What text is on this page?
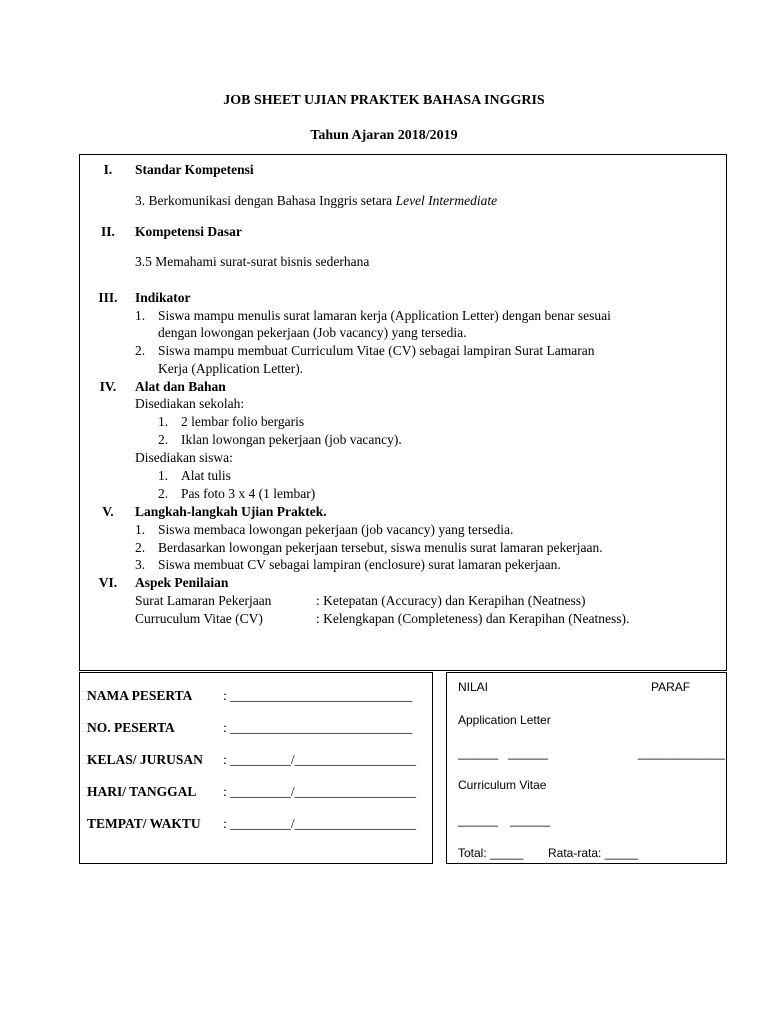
JOB SHEET UJIAN PRAKTEK BAHASA INGGRIS
Tahun Ajaran 2018/2019
I.	Standar Kompetensi
3. Berkomunikasi dengan Bahasa Inggris setara Level Intermediate
II.	Kompetensi Dasar
3.5 Memahami surat-surat bisnis sederhana
III.	Indikator
1. Siswa mampu menulis surat lamaran kerja (Application Letter) dengan benar sesuai
dengan lowongan pekerjaan (Job vacancy) yang tersedia.
2. Siswa mampu membuat Curriculum Vitae (CV) sebagai lampiran Surat Lamaran
Kerja (Application Letter).
IV.	Alat dan Bahan
Disediakan sekolah:
1. 2 lembar folio bergaris
2. Iklan lowongan pekerjaan (job vacancy).
Disediakan siswa:
1. Alat tulis
2. Pas foto 3 x 4 (1 lembar)
V.	Langkah-langkah Ujian Praktek.
1. Siswa membaca lowongan pekerjaan (job vacancy) yang tersedia.
2. Berdasarkan lowongan pekerjaan tersebut, siswa menulis surat lamaran pekerjaan.
3. Siswa membuat CV sebagai lampiran (enclosure) surat lamaran pekerjaan.
VI.	Aspek Penilaian
Surat Lamaran Pekerjaan	: Ketepatan (Accuracy) dan Kerapihan (Neatness)
Curruculum Vitae (CV)	: Kelengkapan (Completeness) dan Kerapihan (Neatness).
NAMA PESERTA : ___________________________
NO. PESERTA	: ___________________________
KELAS/ JURUSAN : _________/__________________
HARI/ TANGGAL : _________/__________________
TEMPAT/ WAKTU : _________/__________________
NILAI	PARAF
Application Letter
______ ______	_____________
Curriculum Vitae
______ ______
Total: _____ Rata-rata: _____
